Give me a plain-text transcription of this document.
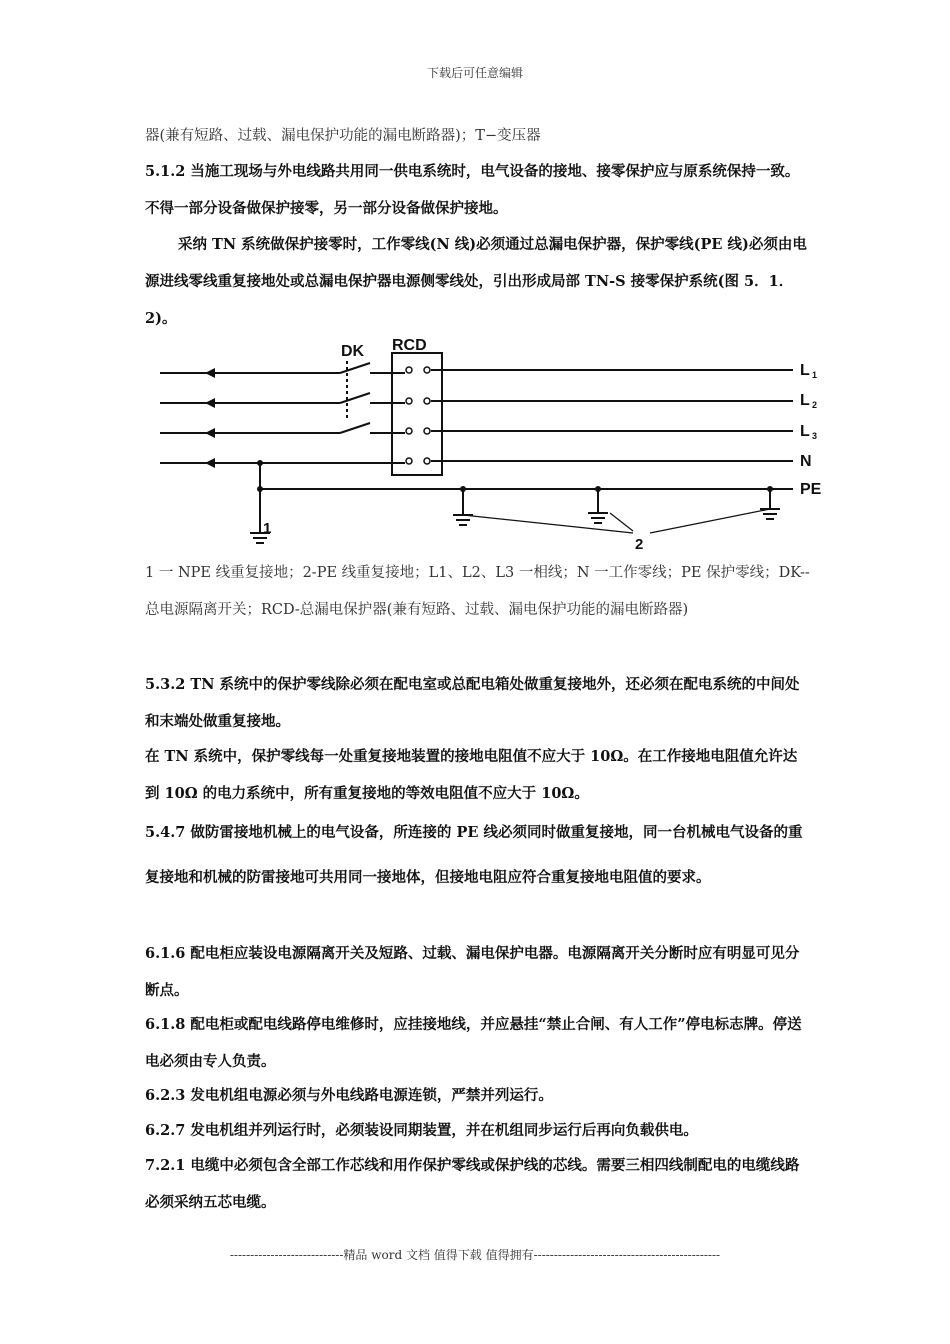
下载后可任意编辑

器(兼有短路、过载、漏电保护功能的漏电断路器)；T−变压器

5.1.2 当施工现场与外电线路共用同一供电系统时，电气设备的接地、接零保护应与原系统保持一致。不得一部分设备做保护接零，另一部分设备做保护接地。

采纳 TN 系统做保护接零时，工作零线(N 线)必须通过总漏电保护器，保护零线(PE 线)必须由电源进线零线重复接地处或总漏电保护器电源侧零线处，引出形成局部 TN-S 接零保护系统(图 5．1．2)。

DK RCD
L 1
L 2
L 3
N
PE
1
2

1 一 NPE 线重复接地；2-PE 线重复接地；L1、L2、L3 一相线；N 一工作零线；PE 保护零线；DK--总电源隔离开关；RCD-总漏电保护器(兼有短路、过载、漏电保护功能的漏电断路器)

5.3.2 TN 系统中的保护零线除必须在配电室或总配电箱处做重复接地外，还必须在配电系统的中间处和末端处做重复接地。

在 TN 系统中，保护零线每一处重复接地装置的接地电阻值不应大于 10Ω。在工作接地电阻值允许达到 10Ω 的电力系统中，所有重复接地的等效电阻值不应大于 10Ω。

5.4.7 做防雷接地机械上的电气设备，所连接的 PE 线必须同时做重复接地，同一台机械电气设备的重复接地和机械的防雷接地可共用同一接地体，但接地电阻应符合重复接地电阻值的要求。

6.1.6 配电柜应装设电源隔离开关及短路、过载、漏电保护电器。电源隔离开关分断时应有明显可见分断点。

6.1.8 配电柜或配电线路停电维修时，应挂接地线，并应悬挂“禁止合闸、有人工作”停电标志牌。停送电必须由专人负责。

6.2.3 发电机组电源必须与外电线路电源连锁，严禁并列运行。

6.2.7 发电机组并列运行时，必须装设同期装置，并在机组同步运行后再向负载供电。

7.2.1 电缆中必须包含全部工作芯线和用作保护零线或保护线的芯线。需要三相四线制配电的电缆线路必须采纳五芯电缆。

----------------------------精品 word 文档 值得下载 值得拥有----------------------------------------------
